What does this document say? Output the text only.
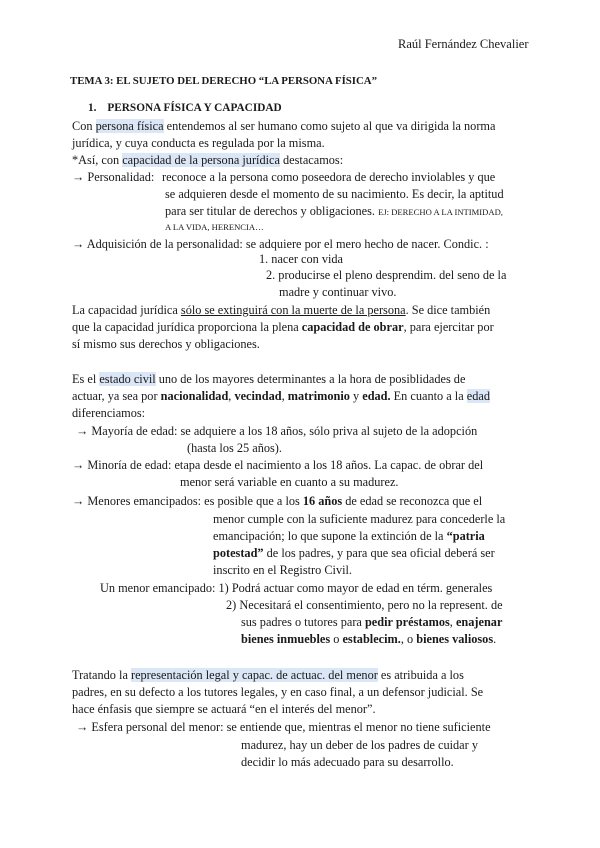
Raúl Fernández Chevalier
TEMA 3: EL SUJETO DEL DERECHO “LA PERSONA FÍSICA”
1. PERSONA FÍSICA Y CAPACIDAD
Con persona física entendemos al ser humano como sujeto al que va dirigida la norma
jurídica, y cuya conducta es regulada por la misma.
*Así, con capacidad de la persona jurídica destacamos:
→ Personalidad: reconoce a la persona como poseedora de derecho inviolables y que
se adquieren desde el momento de su nacimiento. Es decir, la aptitud
para ser titular de derechos y obligaciones. EJ: DERECHO A LA INTIMIDAD,
A LA VIDA, HERENCIA…
→ Adquisición de la personalidad: se adquiere por el mero hecho de nacer. Condic. :
1. nacer con vida
2. producirse el pleno desprendim. del seno de la
madre y continuar vivo.
La capacidad jurídica sólo se extinguirá con la muerte de la persona. Se dice también
que la capacidad jurídica proporciona la plena capacidad de obrar, para ejercitar por
sí mismo sus derechos y obligaciones.
Es el estado civil uno de los mayores determinantes a la hora de posiblidades de
actuar, ya sea por nacionalidad, vecindad, matrimonio y edad. En cuanto a la edad
diferenciamos:
→ Mayoría de edad: se adquiere a los 18 años, sólo priva al sujeto de la adopción
(hasta los 25 años).
→ Minoría de edad: etapa desde el nacimiento a los 18 años. La capac. de obrar del
menor será variable en cuanto a su madurez.
→ Menores emancipados: es posible que a los 16 años de edad se reconozca que el
menor cumple con la suficiente madurez para concederle la
emancipación; lo que supone la extinción de la “patria
potestad” de los padres, y para que sea oficial deberá ser
inscrito en el Registro Civil.
Un menor emancipado: 1) Podrá actuar como mayor de edad en térm. generales
2) Necesitará el consentimiento, pero no la represent. de
sus padres o tutores para pedir préstamos, enajenar
bienes inmuebles o establecim., o bienes valiosos.
Tratando la representación legal y capac. de actuac. del menor es atribuida a los
padres, en su defecto a los tutores legales, y en caso final, a un defensor judicial. Se
hace énfasis que siempre se actuará “en el interés del menor”.
→ Esfera personal del menor: se entiende que, mientras el menor no tiene suficiente
madurez, hay un deber de los padres de cuidar y
decidir lo más adecuado para su desarrollo.
